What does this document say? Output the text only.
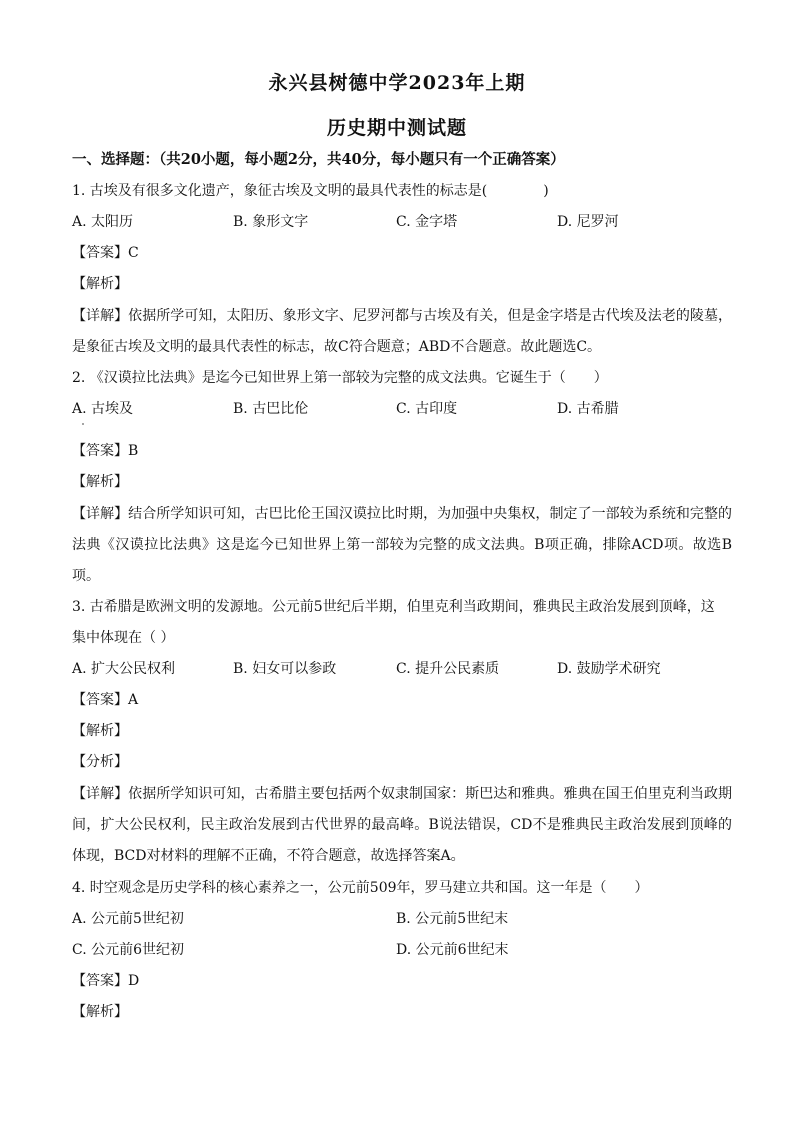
永兴县树德中学2023年上期
历史期中测试题
一、选择题：（共20小题，每小题2分，共40分，每小题只有一个正确答案）
1. 古埃及有很多文化遗产，象征古埃及文明的最具代表性的标志是(　　　　)
A. 太阳历	B. 象形文字	C. 金字塔	D. 尼罗河
【答案】C
【解析】
【详解】依据所学可知，太阳历、象形文字、尼罗河都与古埃及有关，但是金字塔是古代埃及法老的陵墓，是象征古埃及文明的最具代表性的标志，故C符合题意；ABD不合题意。故此题选C。
2. 《汉谟拉比法典》是迄今已知世界上第一部较为完整的成文法典。它诞生于（　　）
A. 古埃及	B. 古巴比伦	C. 古印度	D. 古希腊
【答案】B
【解析】
【详解】结合所学知识可知，古巴比伦王国汉谟拉比时期，为加强中央集权，制定了一部较为系统和完整的法典《汉谟拉比法典》这是迄今已知世界上第一部较为完整的成文法典。B项正确，排除ACD项。故选B项。
3. 古希腊是欧洲文明的发源地。公元前5世纪后半期，伯里克利当政期间，雅典民主政治发展到顶峰，这
集中体现在（ ）
A. 扩大公民权利	B. 妇女可以参政	C. 提升公民素质	D. 鼓励学术研究
【答案】A
【解析】
【分析】
【详解】依据所学知识可知，古希腊主要包括两个奴隶制国家：斯巴达和雅典。雅典在国王伯里克利当政期间，扩大公民权利，民主政治发展到古代世界的最高峰。B说法错误，CD不是雅典民主政治发展到顶峰的体现，BCD对材料的理解不正确，不符合题意，故选择答案A。
4. 时空观念是历史学科的核心素养之一，公元前509年，罗马建立共和国。这一年是（　　）
A. 公元前5世纪初	B. 公元前5世纪末
C. 公元前6世纪初	D. 公元前6世纪末
【答案】D
【解析】
